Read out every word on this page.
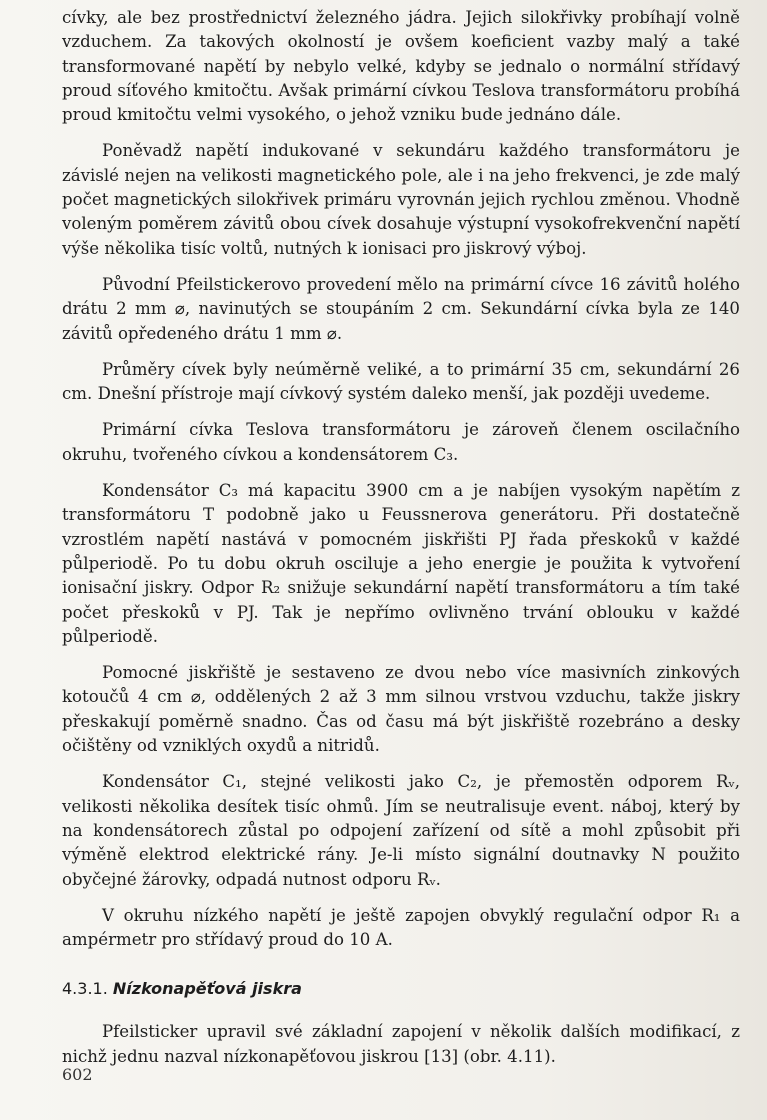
cívky, ale bez prostřednictví železného jádra. Jejich silokřivky probíhají volně vzduchem. Za takových okolností je ovšem koeficient vazby malý a také transformované napětí by nebylo velké, kdyby se jednalo o normální střídavý proud síťového kmitočtu. Avšak primární cívkou Teslova transformátoru probíhá proud kmitočtu velmi vysokého, o jehož vzniku bude jednáno dále.

Poněvadž napětí indukované v sekundáru každého transformátoru je závislé nejen na velikosti magnetického pole, ale i na jeho frekvenci, je zde malý počet magnetických silokřivek primáru vyrovnán jejich rychlou změnou. Vhodně voleným poměrem závitů obou cívek dosahuje výstupní vysokofrekvenční napětí výše několika tisíc voltů, nutných k ionisaci pro jiskrový výboj.

Původní Pfeilstickerovo provedení mělo na primární cívce 16 závitů holého drátu 2 mm ⌀, navinutých se stoupáním 2 cm. Sekundární cívka byla ze 140 závitů opředeného drátu 1 mm ⌀.

Průměry cívek byly neúměrně veliké, a to primární 35 cm, sekundární 26 cm. Dnešní přístroje mají cívkový systém daleko menší, jak později uvedeme.

Primární cívka Teslova transformátoru je zároveň členem oscilačního okruhu, tvořeného cívkou a kondensátorem C₃.

Kondensátor C₃ má kapacitu 3900 cm a je nabíjen vysokým napětím z transformátoru T podobně jako u Feussnerova generátoru. Při dostatečně vzrostlém napětí nastává v pomocném jiskřišti PJ řada přeskoků v každé půlperiodě. Po tu dobu okruh osciluje a jeho energie je použita k vytvoření ionisační jiskry. Odpor R₂ snižuje sekundární napětí transformátoru a tím také počet přeskoků v PJ. Tak je nepřímo ovlivněno trvání oblouku v každé půlperiodě.

Pomocné jiskřiště je sestaveno ze dvou nebo více masivních zinkových kotoučů 4 cm ⌀, oddělených 2 až 3 mm silnou vrstvou vzduchu, takže jiskry přeskakují poměrně snadno. Čas od času má být jiskřiště rozebráno a desky očištěny od vzniklých oxydů a nitridů.

Kondensátor C₁, stejné velikosti jako C₂, je přemostěn odporem Rᵥ, velikosti několika desítek tisíc ohmů. Jím se neutralisuje event. náboj, který by na kondensátorech zůstal po odpojení zařízení od sítě a mohl způsobit při výměně elektrod elektrické rány. Je-li místo signální doutnavky N použito obyčejné žárovky, odpadá nutnost odporu Rᵥ.

V okruhu nízkého napětí je ještě zapojen obvyklý regulační odpor R₁ a ampérmetr pro střídavý proud do 10 A.

4.3.1. Nízkonapěťová jiskra

Pfeilsticker upravil své základní zapojení v několik dalších modifikací, z nichž jednu nazval nízkonapěťovou jiskrou [13] (obr. 4.11).

602
